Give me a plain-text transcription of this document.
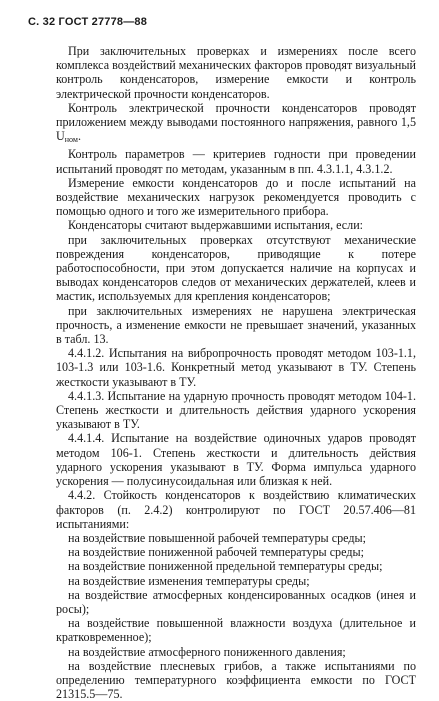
С. 32 ГОСТ 27778—88

При заключительных проверках и измерениях после всего комплекса воздействий механических факторов проводят визуальный контроль конденсаторов, измерение емкости и контроль электрической прочности конденсаторов.

Контроль электрической прочности конденсаторов проводят приложением между выводами постоянного напряжения, равного 1,5 $U_{ном}$.

Контроль параметров — критериев годности при проведении испытаний проводят по методам, указанным в пп. 4.3.1.1, 4.3.1.2.

Измерение емкости конденсаторов до и после испытаний на воздействие механических нагрузок рекомендуется проводить с помощью одного и того же измерительного прибора.

Конденсаторы считают выдержавшими испытания, если:

при заключительных проверках отсутствуют механические повреждения конденсаторов, приводящие к потере работоспособности, при этом допускается наличие на корпусах и выводах конденсаторов следов от механических держателей, клеев и мастик, используемых для крепления конденсаторов;

при заключительных измерениях не нарушена электрическая прочность, а изменение емкости не превышает значений, указанных в табл. 13.

4.4.1.2. Испытания на вибропрочность проводят методом 103-1.1, 103-1.3 или 103-1.6. Конкретный метод указывают в ТУ. Степень жесткости указывают в ТУ.

4.4.1.3. Испытание на ударную прочность проводят методом 104-1. Степень жесткости и длительность действия ударного ускорения указывают в ТУ.

4.4.1.4. Испытание на воздействие одиночных ударов проводят методом 106-1. Степень жесткости и длительность действия ударного ускорения указывают в ТУ. Форма импульса ударного ускорения — полусинусоидальная или близкая к ней.

4.4.2. Стойкость конденсаторов к воздействию климатических факторов (п. 2.4.2) контролируют по ГОСТ 20.57.406—81 испытаниями:

на воздействие повышенной рабочей температуры среды;

на воздействие пониженной рабочей температуры среды;

на воздействие пониженной предельной температуры среды;

на воздействие изменения температуры среды;

на воздействие атмосферных конденсированных осадков (инея и росы);

на воздействие повышенной влажности воздуха (длительное и кратковременное);

на воздействие атмосферного пониженного давления;

на воздействие плесневых грибов, а также испытаниями по определению температурного коэффициента емкости по ГОСТ 21315.5—75.
